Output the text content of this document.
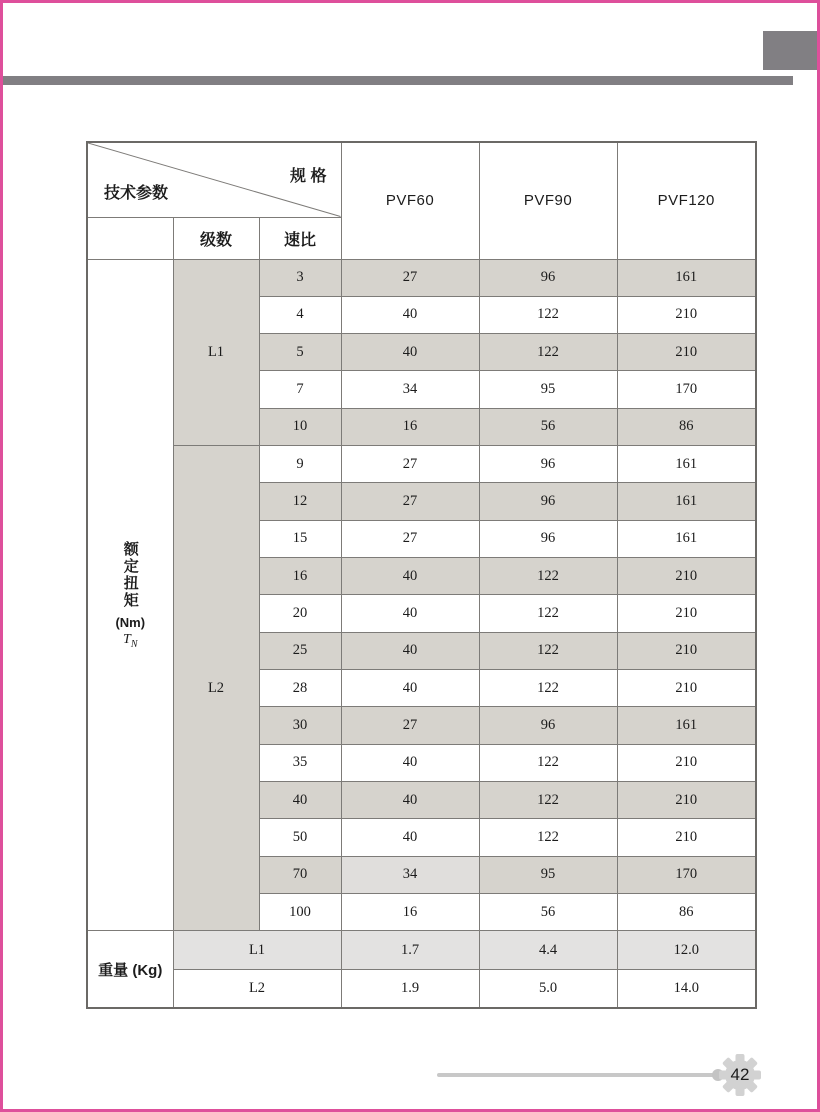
规 格
技术参数			PVF60	PVF90	PVF120
	级数	速比			

额定扭矩
(Nm)
$T_N$	L1	3	27	96	161
		4	40	122	210
		5	40	122	210
		7	34	95	170
		10	16	56	86
	L2	9	27	96	161
		12	27	96	161
		15	27	96	161
		16	40	122	210
		20	40	122	210
		25	40	122	210
		28	40	122	210
		30	27	96	161
		35	40	122	210
		40	40	122	210
		50	40	122	210
		70	34	95	170
		100	16	56	86
重量 (Kg)	L1		1.7	4.4	12.0
	L2		1.9	5.0	14.0
42
